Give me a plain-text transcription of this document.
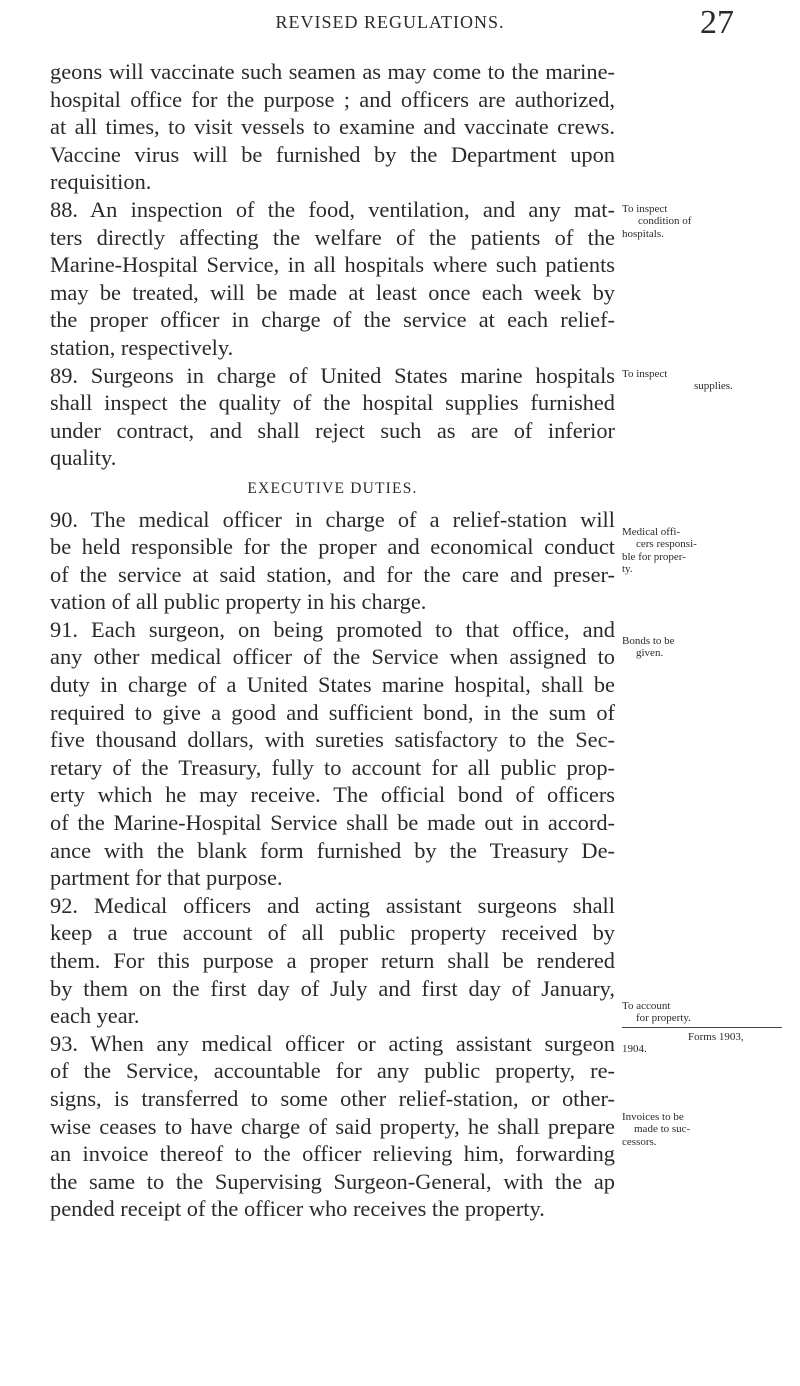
REVISED REGULATIONS.	27
geons will vaccinate such seamen as may come to the marine-
hospital office for the purpose ; and officers are authorized,
at all times, to visit vessels to examine and vaccinate crews.
Vaccine virus will be furnished by the Department upon
requisition.
88. An inspection of the food, ventilation, and any mat-
ters directly affecting the welfare of the patients of the
Marine-Hospital Service, in all hospitals where such patients
may be treated, will be made at least once each week by
the proper officer in charge of the service at each relief-
station, respectively.
89. Surgeons in charge of United States marine hospitals
shall inspect the quality of the hospital supplies furnished
under contract, and shall reject such as are of inferior
quality.
EXECUTIVE DUTIES.
90. The medical officer in charge of a relief-station will
be held responsible for the proper and economical conduct
of the service at said station, and for the care and preser-
vation of all public property in his charge.
91. Each surgeon, on being promoted to that office, and
any other medical officer of the Service when assigned to
duty in charge of a United States marine hospital, shall be
required to give a good and sufficient bond, in the sum of
five thousand dollars, with sureties satisfactory to the Sec-
retary of the Treasury, fully to account for all public prop-
erty which he may receive. The official bond of officers
of the Marine-Hospital Service shall be made out in accord-
ance with the blank form furnished by the Treasury De-
partment for that purpose.
92. Medical officers and acting assistant surgeons shall
keep a true account of all public property received by
them. For this purpose a proper return shall be rendered
by them on the first day of July and first day of January,
each year.
93. When any medical officer or acting assistant surgeon
of the Service, accountable for any public property, re-
signs, is transferred to some other relief-station, or other-
wise ceases to have charge of said property, he shall prepare
an invoice thereof to the officer relieving him, forwarding
the same to the Supervising Surgeon-General, with the ap
pended receipt of the officer who receives the property.
To inspect
condition of
hospitals.
To inspect
supplies.
Medical offi-
cers responsi-
ble for proper-
ty.
Bonds to be
given.
To account
for property.
Forms 1903,
1904.
Invoices to be
made to suc-
cessors.
